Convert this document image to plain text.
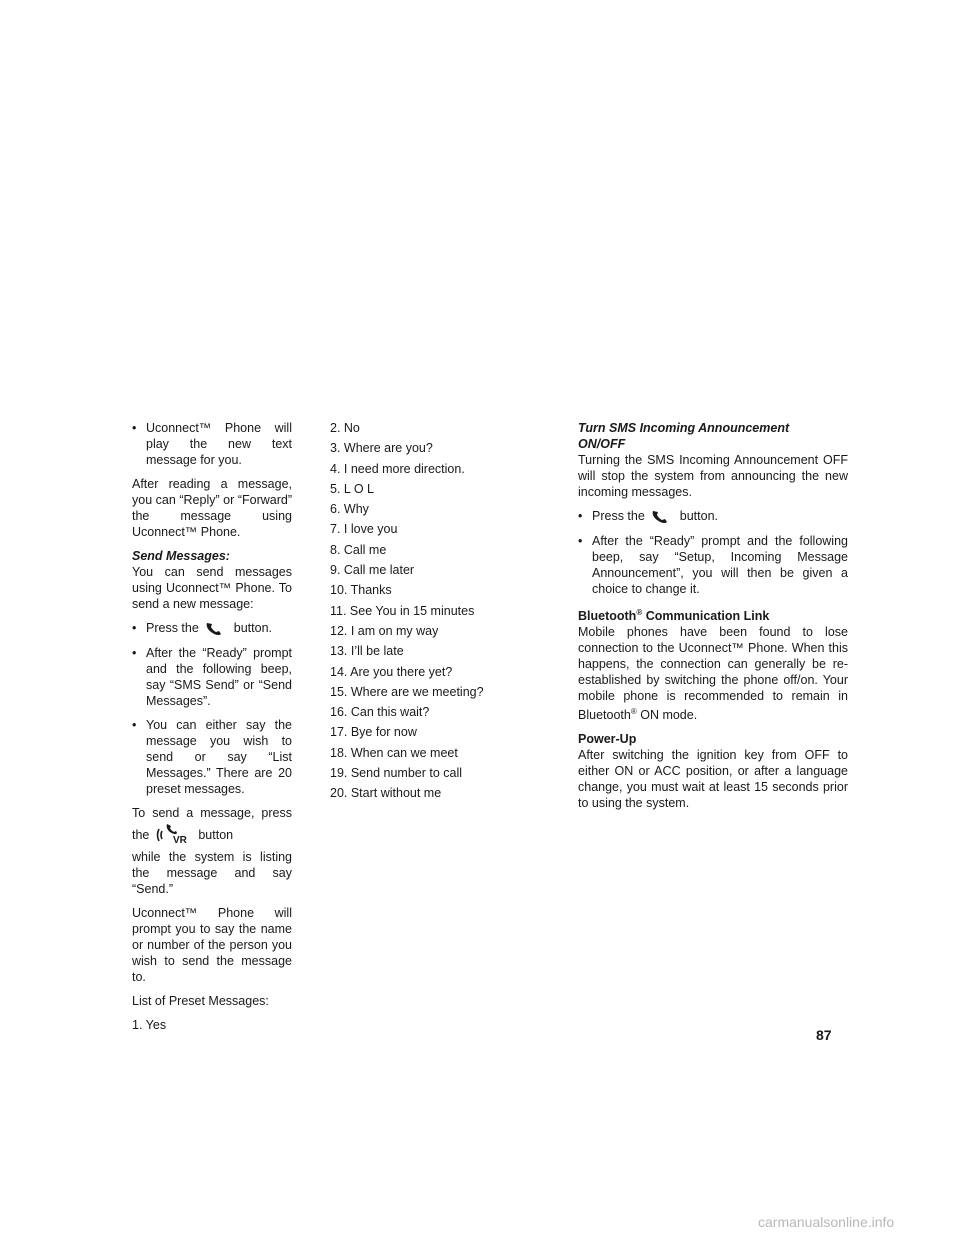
• Uconnect™ Phone will play the new text message for you.

After reading a message, you can “Reply” or “Forward” the message using Uconnect™ Phone.

Send Messages:

You can send messages using Uconnect™ Phone. To send a new message:

• Press the	button.
• After the “Ready” prompt and the following beep, say “SMS Send” or “Send Messages”.
• You can either say the message you wish to send or say “List Messages.” There are 20 preset messages.

To send a message, press the VR button

while the system is listing the message and say “Send.”

Uconnect™ Phone will prompt you to say the name or number of the person you wish to send the message to.

List of Preset Messages:

1. Yes

2. No
3. Where are you?
4. I need more direction.
5. L O L
6. Why
7. I love you
8. Call me
9. Call me later
10. Thanks
11. See You in 15 minutes
12. I am on my way
13. I’ll be late
14. Are you there yet?
15. Where are we meeting?
16. Can this wait?
17. Bye for now
18. When can we meet
19. Send number to call
20. Start without me

Turn SMS Incoming Announcement

ON/OFF

Turning the SMS Incoming Announcement OFF will stop the system from announcing the new incoming messages.

• Press the	button.
• After the “Ready” prompt and the following beep, say “Setup, Incoming Message Announcement”, you will then be given a choice to change it.

Bluetooth® Communication Link

Mobile phones have been found to lose connection to the Uconnect™ Phone. When this happens, the connection can generally be re-established by switching the phone off/on. Your mobile phone is recommended to remain in Bluetooth® ON mode.

Power-Up

After switching the ignition key from OFF to either ON or ACC position, or after a language change, you must wait at least 15 seconds prior to using the system.

87
carmanualsonline.info
